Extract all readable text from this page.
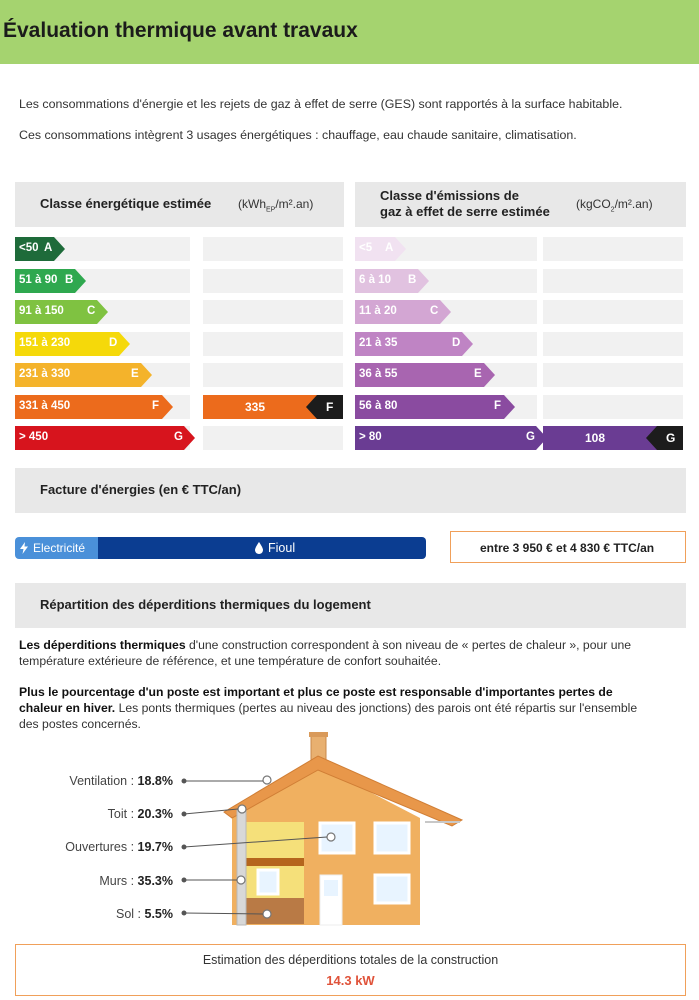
Évaluation thermique avant travaux
Les consommations d'énergie et les rejets de gaz à effet de serre (GES) sont rapportés à la surface habitable.
Ces consommations intègrent 3 usages énergétiques : chauffage, eau chaude sanitaire, climatisation.
Classe énergétique estimée (kWh$_{EP}$/m².an)
Classe d'émissions de
gaz à effet de serre estimée (kgCO$_2$/m².an)
<50 A
51 à 90 B
91 à 150 C
151 à 230	D
231 à 330	E
331 à 450	F	335	F
> 450	G
<5 A
6 à 10 B
11 à 20	C
21 à 35	D
36 à 55	E
56 à 80	F
> 80	G	108	G
Facture d'énergies (en € TTC/an)
Electricité	Fioul	entre 3 950 € et 4 830 € TTC/an
Répartition des déperditions thermiques du logement
Les déperditions thermiques d'une construction correspondent à son niveau de « pertes de chaleur », pour une
température extérieure de référence, et une température de confort souhaitée.
Plus le pourcentage d'un poste est important et plus ce poste est responsable d'importantes pertes de
chaleur en hiver. Les ponts thermiques (pertes au niveau des jonctions) des parois ont été répartis sur l'ensemble
des postes concernés.
Ventilation : 18.8%
Toit : 20.3%
Ouvertures : 19.7%
Murs : 35.3%
Sol : 5.5%
Estimation des déperditions totales de la construction
14.3 kW
